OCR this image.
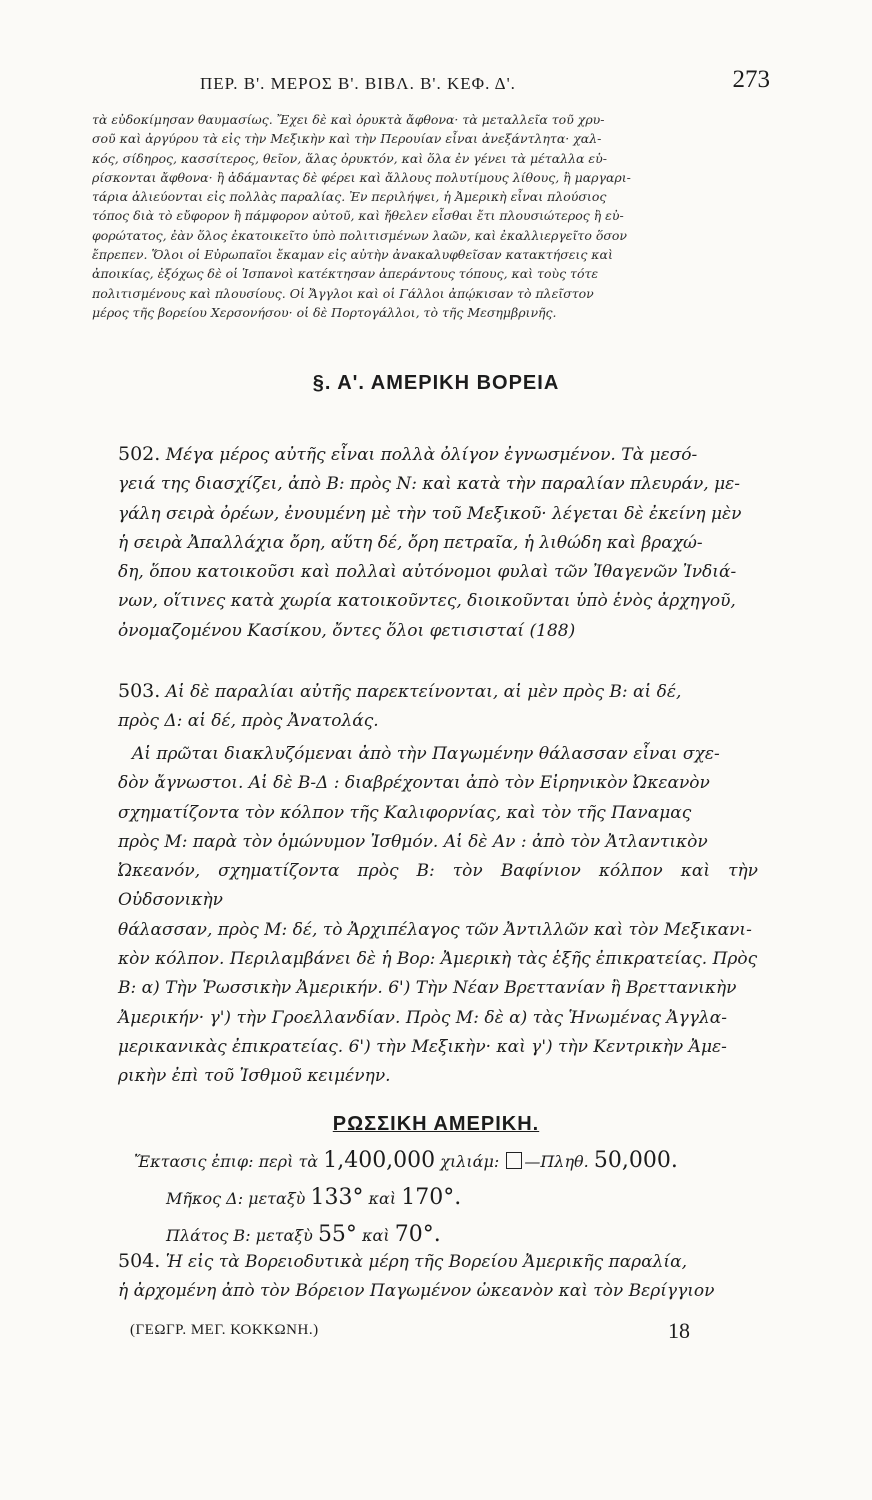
ΠΕΡ. Β'. ΜΕΡΟΣ Β'. ΒΙΒΛ. Β'. ΚΕΦ. Δ'.	273

τὰ εὐδοκίμησαν θαυμασίως. Ἔχει δὲ καὶ ὀρυκτὰ ἄφθονα· τὰ μεταλλεῖα τοῦ χρυ-

σοῦ καὶ ἀργύρου τὰ εἰς τὴν Μεξικὴν καὶ τὴν Περουίαν εἶναι ἀνεξάντλητα· χαλ-

κός, σίδηρος, κασσίτερος, θεῖον, ἅλας ὀρυκτόν, καὶ ὅλα ἐν γένει τὰ μέταλλα εὑ-

ρίσκονται ἄφθονα· ἢ ἀδάμαντας δὲ φέρει καὶ ἄλλους πολυτίμους λίθους, ἢ μαργαρι-

τάρια ἁλιεύονται εἰς πολλὰς παραλίας. Ἐν περιλήψει, ἡ Ἀμερικὴ εἶναι πλούσιος

τόπος διὰ τὸ εὔφορον ἢ πάμφορον αὐτοῦ, καὶ ἤθελεν εἶσθαι ἔτι πλουσιώτερος ἢ εὐ-

φορώτατος, ἐὰν ὅλος ἐκατοικεῖτο ὑπὸ πολιτισμένων λαῶν, καὶ ἐκαλλιεργεῖτο ὅσον

ἔπρεπεν. Ὅλοι οἱ Εὐρωπαῖοι ἔκαμαν εἰς αὐτὴν ἀνακαλυφθεῖσαν κατακτήσεις καὶ

ἀποικίας, ἐξόχως δὲ οἱ Ἱσπανοὶ κατέκτησαν ἀπεράντους τόπους, καὶ τοὺς τότε

πολιτισμένους καὶ πλουσίους. Οἱ Ἄγγλοι καὶ οἱ Γάλλοι ἀπῴκισαν τὸ πλεῖστον

μέρος τῆς βορείου Χερσονήσου· οἱ δὲ Πορτογάλλοι, τὸ τῆς Μεσημβρινῆς.

§. Α'. ΑΜΕΡΙΚΗ ΒΟΡΕΙΑ

502. Μέγα μέρος αὐτῆς εἶναι πολλὰ ὀλίγον ἐγνωσμένον. Τὰ μεσό-

γειά της διασχίζει, ἀπὸ Β: πρὸς Ν: καὶ κατὰ τὴν παραλίαν πλευράν, με-

γάλη σειρὰ ὀρέων, ἐνουμένη μὲ τὴν τοῦ Μεξικοῦ· λέγεται δὲ ἐκείνη μὲν

ἡ σειρὰ Ἀπαλλάχια ὄρη, αὕτη δέ, ὄρη πετραῖα, ἡ λιθώδη καὶ βραχώ-

δη, ὅπου κατοικοῦσι καὶ πολλαὶ αὐτόνομοι φυλαὶ τῶν Ἰθαγενῶν Ἰνδιά-

νων, οἵτινες κατὰ χωρία κατοικοῦντες, διοικοῦνται ὑπὸ ἑνὸς ἀρχηγοῦ,

ὀνομαζομένου Κασίκου, ὄντες ὅλοι φετισισταί (188)

503. Αἱ δὲ παραλίαι αὐτῆς παρεκτείνονται, αἱ μὲν πρὸς Β: αἱ δέ,

πρὸς Δ: αἱ δέ, πρὸς Ἀνατολάς.

Αἱ πρῶται διακλυζόμεναι ἀπὸ τὴν Παγωμένην θάλασσαν εἶναι σχε-

δὸν ἄγνωστοι. Αἱ δὲ Β-Δ : διαβρέχονται ἀπὸ τὸν Εἰρηνικὸν Ὠκεανὸν

σχηματίζοντα τὸν κόλπον τῆς Καλιφορνίας, καὶ τὸν τῆς Παναμας

πρὸς Μ: παρὰ τὸν ὁμώνυμον Ἰσθμόν. Αἱ δὲ Αν : ἀπὸ τὸν Ἀτλαντικὸν

Ὠκεανόν, σχηματίζοντα πρὸς Β: τὸν Βαφίνιον κόλπον καὶ τὴν Οὐδσονικὴν

θάλασσαν, πρὸς Μ: δέ, τὸ Ἀρχιπέλαγος τῶν Ἀντιλλῶν καὶ τὸν Μεξικανι-

κὸν κόλπον. Περιλαμβάνει δὲ ἡ Βορ: Ἀμερικὴ τὰς ἑξῆς ἐπικρατείας. Πρὸς

Β: α) Τὴν Ῥωσσικὴν Ἀμερικήν. 6') Τὴν Νέαν Βρεττανίαν ἢ Βρεττανικὴν

Ἀμερικήν· γ') τὴν Γροελλανδίαν. Πρὸς Μ: δὲ α) τὰς Ἡνωμένας Ἀγγλα-

μερικανικὰς ἐπικρατείας. 6') τὴν Μεξικὴν· καὶ γ') τὴν Κεντρικὴν Ἀμε-

ρικὴν ἐπὶ τοῦ Ἰσθμοῦ κειμένην.

ΡΩΣΣΙΚΗ ΑΜΕΡΙΚΗ.
Ἔκτασις ἐπιφ: περὶ τὰ 1,400,000 χιλιάμ: —Πληθ. 50,000.
Μῆκος Δ: μεταξὺ 133° καὶ 170°.
Πλάτος Β: μεταξὺ 55° καὶ 70°.

504. Ἡ εἰς τὰ Βορειοδυτικὰ μέρη τῆς Βορείου Ἀμερικῆς παραλία,

ἡ ἀρχομένη ἀπὸ τὸν Βόρειον Παγωμένον ὠκεανὸν καὶ τὸν Βερίγγιον

(ΓΕΩΓΡ. ΜΕΓ. ΚΟΚΚΩΝΗ.)	18
